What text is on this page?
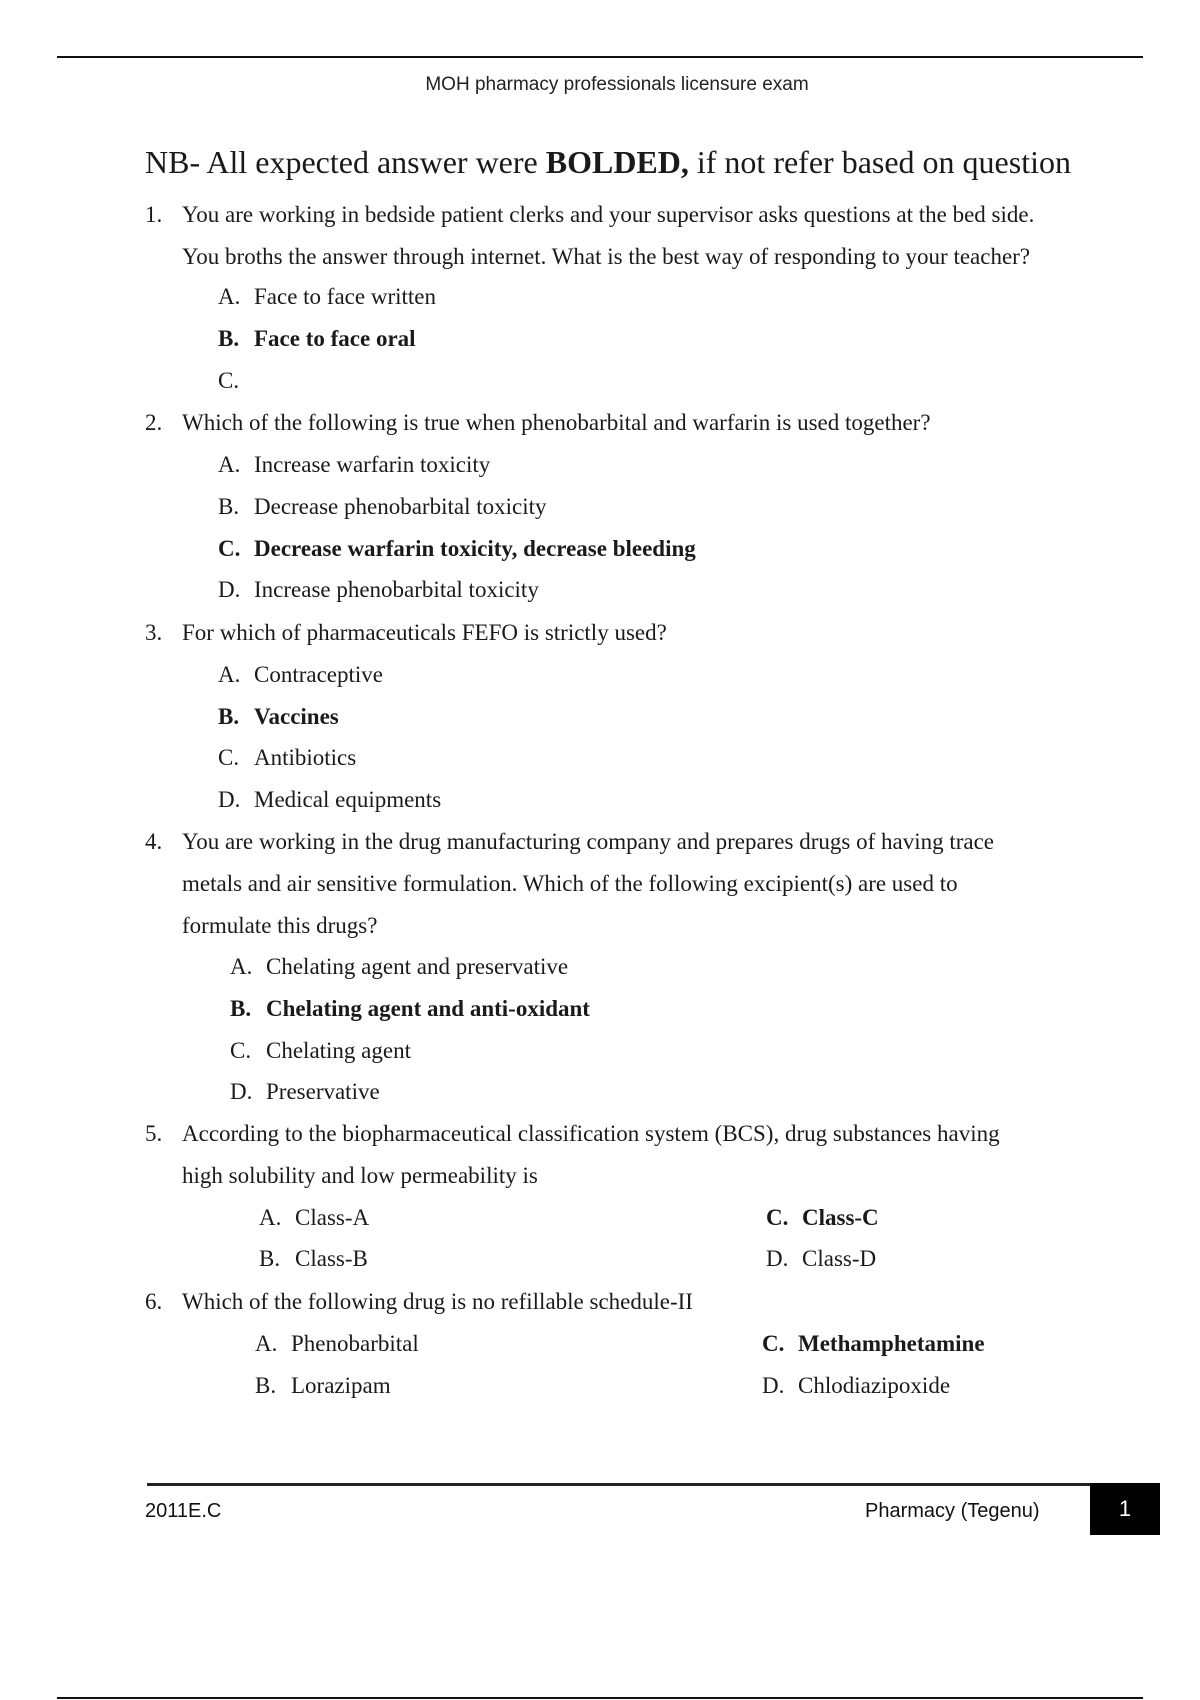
MOH pharmacy professionals licensure exam
NB- All expected answer were BOLDED, if not refer based on question
1. You are working in bedside patient clerks and your supervisor asks questions at the bed side.
You broths the answer through internet. What is the best way of responding to your teacher?
A. Face to face written
B. Face to face oral
C.
2. Which of the following is true when phenobarbital and warfarin is used together?
A. Increase warfarin toxicity
B. Decrease phenobarbital toxicity
C. Decrease warfarin toxicity, decrease bleeding
D. Increase phenobarbital toxicity
3. For which of pharmaceuticals FEFO is strictly used?
A. Contraceptive
B. Vaccines
C. Antibiotics
D. Medical equipments
4. You are working in the drug manufacturing company and prepares drugs of having trace
metals and air sensitive formulation. Which of the following excipient(s) are used to
formulate this drugs?
A. Chelating agent and preservative
B. Chelating agent and anti-oxidant
C. Chelating agent
D. Preservative
5. According to the biopharmaceutical classification system (BCS), drug substances having
high solubility and low permeability is
A. Class-A
B. Class-B
C. Class-C
D. Class-D
6. Which of the following drug is no refillable schedule-II
A. Phenobarbital
B. Lorazipam
C. Methamphetamine
D. Chlodiazipoxide
2011E.C	Pharmacy (Tegenu)	1
